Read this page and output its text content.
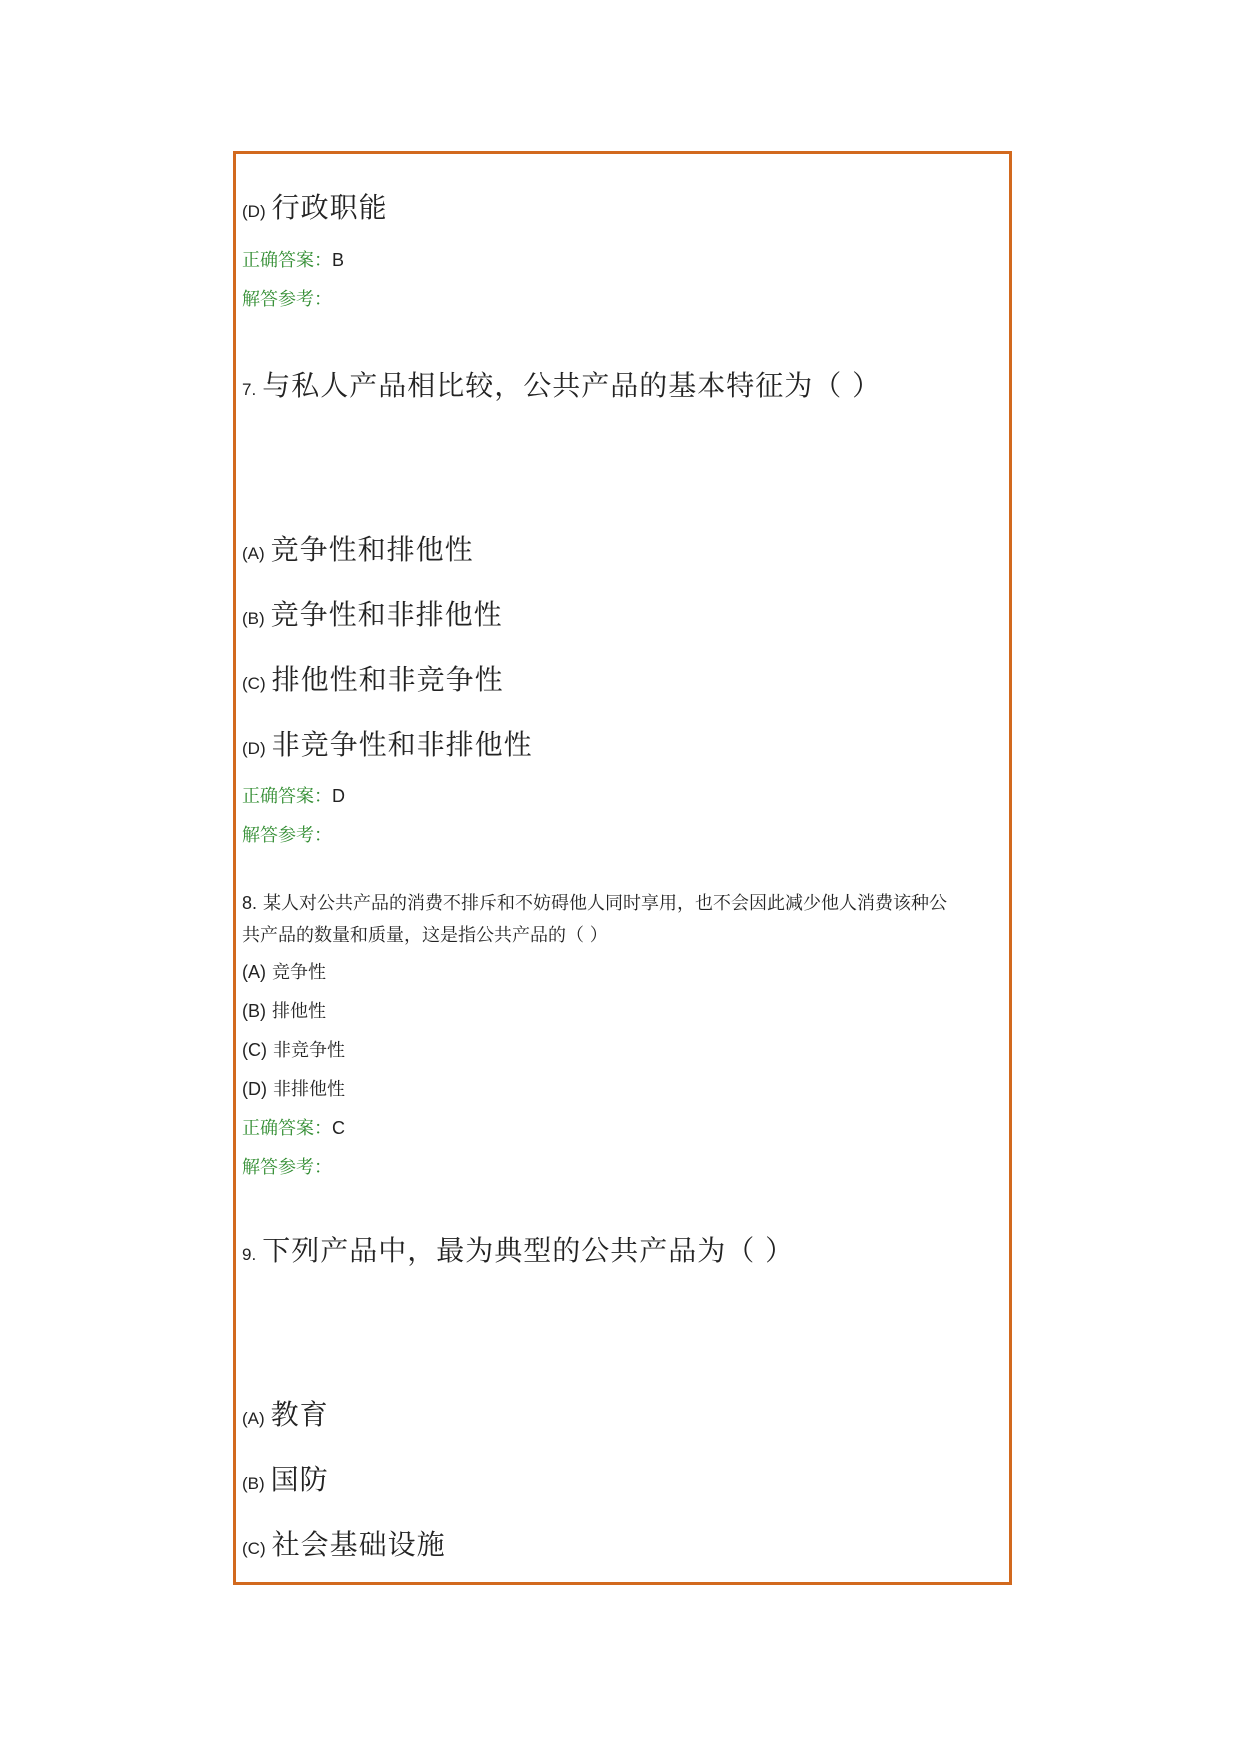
(D) 行政职能
正确答案：B
解答参考：
7. 与私人产品相比较，公共产品的基本特征为（ ）
(A) 竞争性和排他性
(B) 竞争性和非排他性
(C) 排他性和非竞争性
(D) 非竞争性和非排他性
正确答案：D
解答参考：
8. 某人对公共产品的消费不排斥和不妨碍他人同时享用，也不会因此减少他人消费该种公
共产品的数量和质量，这是指公共产品的（ ）
(A) 竞争性
(B) 排他性
(C) 非竞争性
(D) 非排他性
正确答案：C
解答参考：
9. 下列产品中，最为典型的公共产品为（ ）
(A) 教育
(B) 国防
(C) 社会基础设施
